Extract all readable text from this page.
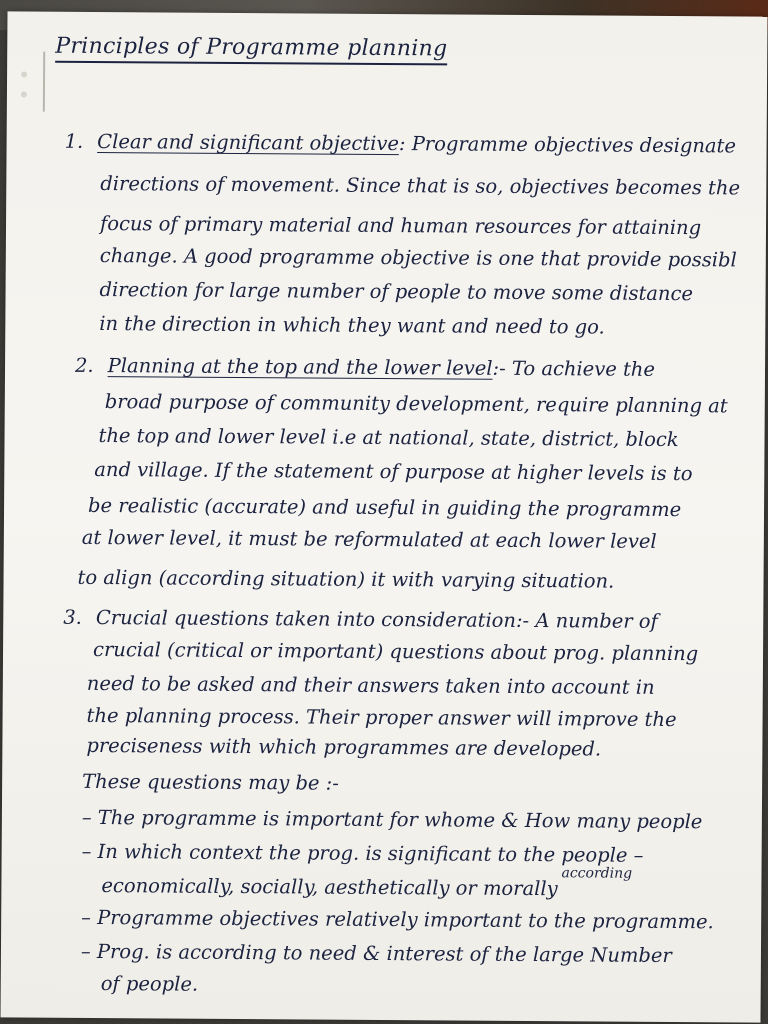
Principles of Programme planning
1. Clear and significant objective: Programme objectives designate
directions of movement. Since that is so, objectives becomes the
focus of primary material and human resources for attaining
change. A good programme objective is one that provide possibl
direction for large number of people to move some distance
in the direction in which they want and need to go.
2. Planning at the top and the lower level:- To achieve the
broad purpose of community development, require planning at
the top and lower level i.e at national, state, district, block
and village. If the statement of purpose at higher levels is to
be realistic (accurate) and useful in guiding the programme
at lower level, it must be reformulated at each lower level
to align (according situation) it with varying situation.
3. Crucial questions taken into consideration:- A number of
crucial (critical or important) questions about prog. planning
need to be asked and their answers taken into account in
the planning process. Their proper answer will improve the
preciseness with which programmes are developed.
These questions may be :-
– The programme is important for whome & How many people
– In which context the prog. is significant to the people –
economically, socially, aesthetically or morally
according
– Programme objectives relatively important to the programme.
– Prog. is according to need & interest of the large Number
of people.
